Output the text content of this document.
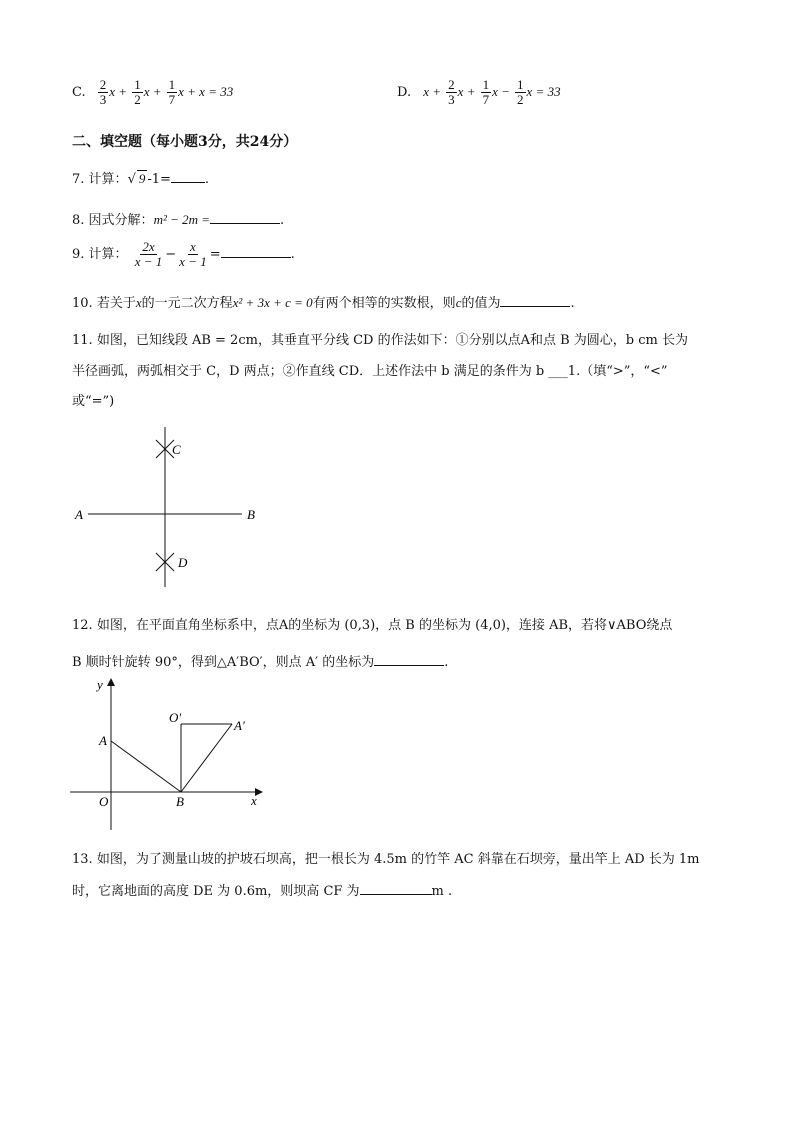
C. $\frac{2}{3}$ $x + \frac{1}{2}$ $x + \frac{1}{7}$ x + x = 33	D. $x + \frac{2}{3}$ $x + \frac{1}{7}$ $x - \frac{1}{2}$ x = 33
二、填空题（每小题3分，共24分）
7. 计算：√ 9 -1=	.
8. 因式分解：m² − 2m =	.
9. 计算： $\frac{2x}{x - 1} - \frac{x}{x - 1}$ =	.
10. 若关于x的一元二次方程x² + 3x + c = 0有两个相等的实数根，则c的值为	.
11. 如图，已知线段 AB = 2cm，其垂直平分线 CD 的作法如下：①分别以点A和点 B 为圆心，b cm 长为
半径画弧，两弧相交于 C，D 两点；②作直线 CD．上述作法中 b 满足的条件为 b ___1.（填“>”，“<”
或“=”)
A	B
C
D
12. 如图，在平面直角坐标系中，点A的坐标为 (0,3)，点 B 的坐标为 (4,0)，连接 AB，若将∨ABO绕点
B 顺时针旋转 90°，得到△A′BO′，则点 A′ 的坐标为	.
y
x
A
O	B
O′
A′
13. 如图，为了测量山坡的护坡石坝高，把一根长为 4.5m 的竹竿 AC 斜靠在石坝旁，量出竿上 AD 长为 1m
时，它离地面的高度 DE 为 0.6m，则坝高 CF 为	m .
